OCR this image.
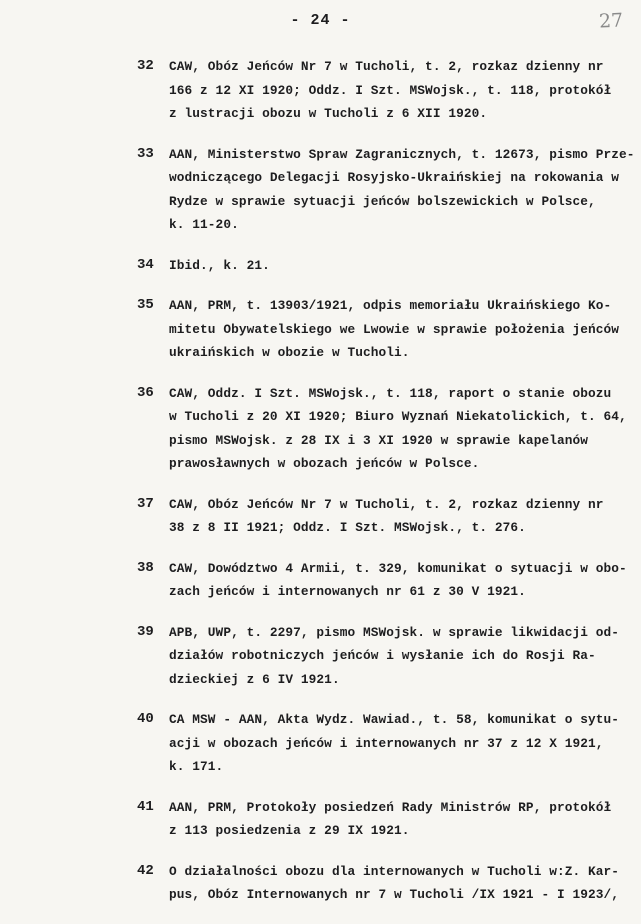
- 24 -	27
32	CAW, Obóz Jeńców Nr 7 w Tucholi, t. 2, rozkaz dzienny nr
166 z 12 XI 1920; Oddz. I Szt. MSWojsk., t. 118, protokół
z lustracji obozu w Tucholi z 6 XII 1920.
33	AAN, Ministerstwo Spraw Zagranicznych, t. 12673, pismo Prze-
wodniczącego Delegacji Rosyjsko-Ukraińskiej na rokowania w
Rydze w sprawie sytuacji jeńców bolszewickich w Polsce,
k. 11-20.
34	Ibid., k. 21.
35	AAN, PRM, t. 13903/1921, odpis memoriału Ukraińskiego Ko-
mitetu Obywatelskiego we Lwowie w sprawie położenia jeńców
ukraińskich w obozie w Tucholi.
36	CAW, Oddz. I Szt. MSWojsk., t. 118, raport o stanie obozu
w Tucholi z 20 XI 1920; Biuro Wyznań Niekatolickich, t. 64,
pismo MSWojsk. z 28 IX i 3 XI 1920 w sprawie kapelanów
prawosławnych w obozach jeńców w Polsce.
37	CAW, Obóz Jeńców Nr 7 w Tucholi, t. 2, rozkaz dzienny nr
38 z 8 II 1921; Oddz. I Szt. MSWojsk., t. 276.
38	CAW, Dowództwo 4 Armii, t. 329, komunikat o sytuacji w obo-
zach jeńców i internowanych nr 61 z 30 V 1921.
39	APB, UWP, t. 2297, pismo MSWojsk. w sprawie likwidacji od-
działów robotniczych jeńców i wysłanie ich do Rosji Ra-
dzieckiej z 6 IV 1921.
40	CA MSW - AAN, Akta Wydz. Wawiad., t. 58, komunikat o sytu-
acji w obozach jeńców i internowanych nr 37 z 12 X 1921,
k. 171.
41	AAN, PRM, Protokoły posiedzeń Rady Ministrów RP, protokół
z 113 posiedzenia z 29 IX 1921.
42	O działalności obozu dla internowanych w Tucholi w:Z. Kar-
pus, Obóz Internowanych nr 7 w Tucholi /IX 1921 - I 1923/,
